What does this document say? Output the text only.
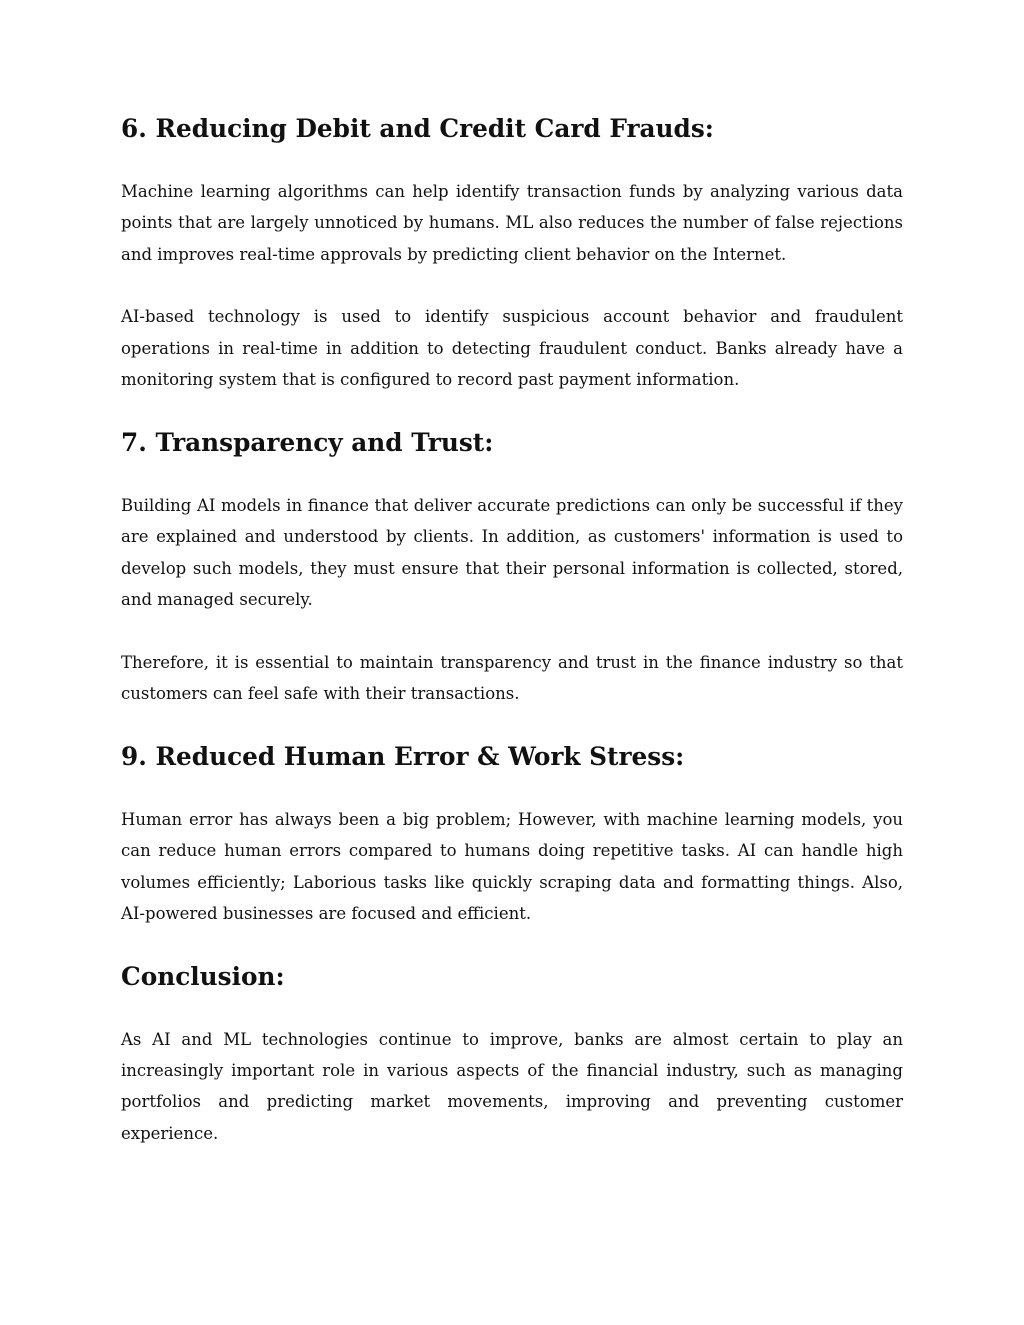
6. Reducing Debit and Credit Card Frauds:

Machine learning algorithms can help identify transaction funds by analyzing various data points that are largely unnoticed by humans. ML also reduces the number of false rejections and improves real-time approvals by predicting client behavior on the Internet.

AI-based technology is used to identify suspicious account behavior and fraudulent operations in real-time in addition to detecting fraudulent conduct. Banks already have a monitoring system that is configured to record past payment information.

7. Transparency and Trust:

Building AI models in finance that deliver accurate predictions can only be successful if they are explained and understood by clients. In addition, as customers' information is used to develop such models, they must ensure that their personal information is collected, stored, and managed securely.

Therefore, it is essential to maintain transparency and trust in the finance industry so that customers can feel safe with their transactions.

9. Reduced Human Error & Work Stress:

Human error has always been a big problem; However, with machine learning models, you can reduce human errors compared to humans doing repetitive tasks. AI can handle high volumes efficiently; Laborious tasks like quickly scraping data and formatting things. Also, AI-powered businesses are focused and efficient.

Conclusion:

As AI and ML technologies continue to improve, banks are almost certain to play an increasingly important role in various aspects of the financial industry, such as managing portfolios and predicting market movements, improving and preventing customer experience.
